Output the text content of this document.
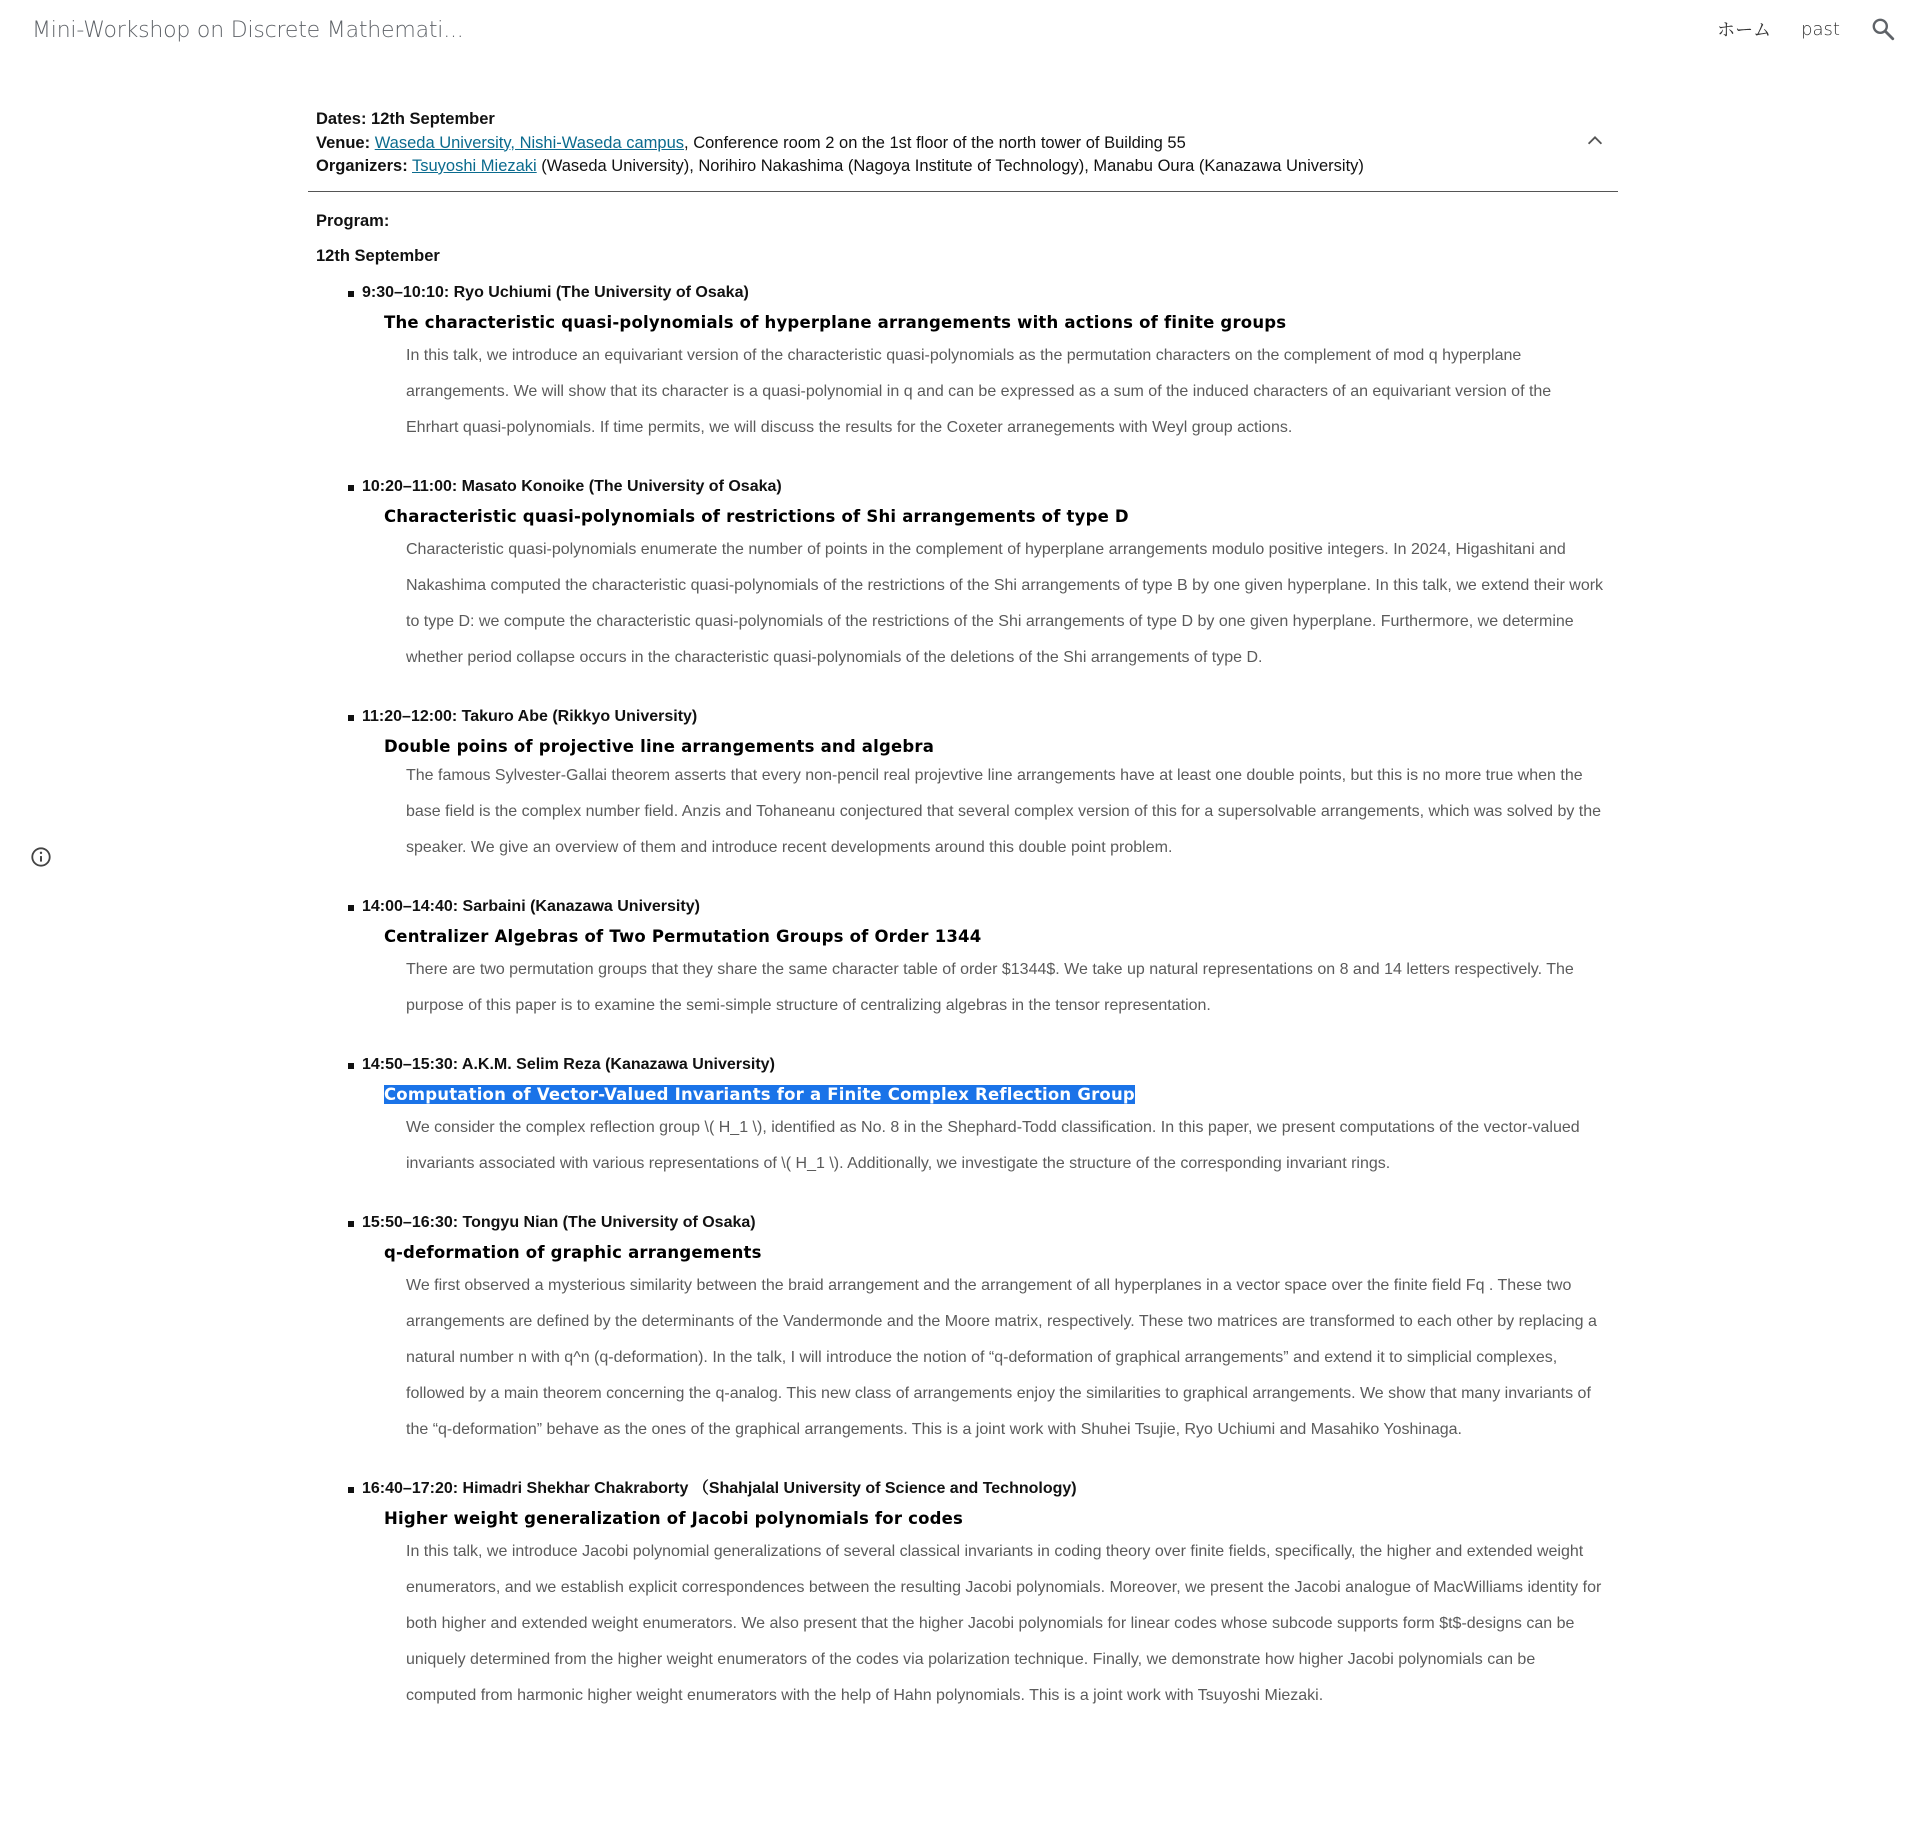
Mini-Workshop on Discrete Mathemati...	ホーム past
Dates: 12th September
Venue: Waseda University, Nishi-Waseda campus, Conference room 2 on the 1st floor of the north tower of Building 55
Organizers: Tsuyoshi Miezaki (Waseda University), Norihiro Nakashima (Nagoya Institute of Technology), Manabu Oura (Kanazawa University)
Program:
12th September
9:30–10:10: Ryo Uchiumi (The University of Osaka)
The characteristic quasi-polynomials of hyperplane arrangements with actions of finite groups
In this talk, we introduce an equivariant version of the characteristic quasi-polynomials as the permutation characters on the complement of mod q hyperplane arrangements. We will show that its character is a quasi-polynomial in q and can be expressed as a sum of the induced characters of an equivariant version of the Ehrhart quasi-polynomials. If time permits, we will discuss the results for the Coxeter arranegements with Weyl group actions.
10:20–11:00: Masato Konoike (The University of Osaka)
Characteristic quasi-polynomials of restrictions of Shi arrangements of type D
Characteristic quasi-polynomials enumerate the number of points in the complement of hyperplane arrangements modulo positive integers. In 2024, Higashitani and Nakashima computed the characteristic quasi-polynomials of the restrictions of the Shi arrangements of type B by one given hyperplane. In this talk, we extend their work to type D: we compute the characteristic quasi-polynomials of the restrictions of the Shi arrangements of type D by one given hyperplane. Furthermore, we determine whether period collapse occurs in the characteristic quasi-polynomials of the deletions of the Shi arrangements of type D.
11:20–12:00: Takuro Abe (Rikkyo University)
Double poins of projective line arrangements and algebra
The famous Sylvester-Gallai theorem asserts that every non-pencil real projevtive line arrangements have at least one double points, but this is no more true when the base field is the complex number field. Anzis and Tohaneanu conjectured that several complex version of this for a supersolvable arrangements, which was solved by the speaker. We give an overview of them and introduce recent developments around this double point problem.
14:00–14:40: Sarbaini (Kanazawa University)
Centralizer Algebras of Two Permutation Groups of Order 1344
There are two permutation groups that they share the same character table of order $1344$. We take up natural representations on 8 and 14 letters respectively. The purpose of this paper is to examine the semi-simple structure of centralizing algebras in the tensor representation.
14:50–15:30: A.K.M. Selim Reza (Kanazawa University)
Computation of Vector-Valued Invariants for a Finite Complex Reflection Group
We consider the complex reflection group \( H_1 \), identified as No. 8 in the Shephard-Todd classification. In this paper, we present computations of the vector-valued invariants associated with various representations of \( H_1 \). Additionally, we investigate the structure of the corresponding invariant rings.
15:50–16:30: Tongyu Nian (The University of Osaka)
q-deformation of graphic arrangements
We first observed a mysterious similarity between the braid arrangement and the arrangement of all hyperplanes in a vector space over the finite field Fq . These two arrangements are defined by the determinants of the Vandermonde and the Moore matrix, respectively. These two matrices are transformed to each other by replacing a natural number n with q^n (q-deformation). In the talk, I will introduce the notion of “q-deformation of graphical arrangements” and extend it to simplicial complexes, followed by a main theorem concerning the q-analog. This new class of arrangements enjoy the similarities to graphical arrangements. We show that many invariants of the “q-deformation” behave as the ones of the graphical arrangements. This is a joint work with Shuhei Tsujie, Ryo Uchiumi and Masahiko Yoshinaga.
16:40–17:20: Himadri Shekhar Chakraborty （Shahjalal University of Science and Technology)
Higher weight generalization of Jacobi polynomials for codes
In this talk, we introduce Jacobi polynomial generalizations of several classical invariants in coding theory over finite fields, specifically, the higher and extended weight enumerators, and we establish explicit correspondences between the resulting Jacobi polynomials. Moreover, we present the Jacobi analogue of MacWilliams identity for both higher and extended weight enumerators. We also present that the higher Jacobi polynomials for linear codes whose subcode supports form $t$-designs can be uniquely determined from the higher weight enumerators of the codes via polarization technique. Finally, we demonstrate how higher Jacobi polynomials can be computed from harmonic higher weight enumerators with the help of Hahn polynomials. This is a joint work with Tsuyoshi Miezaki.
